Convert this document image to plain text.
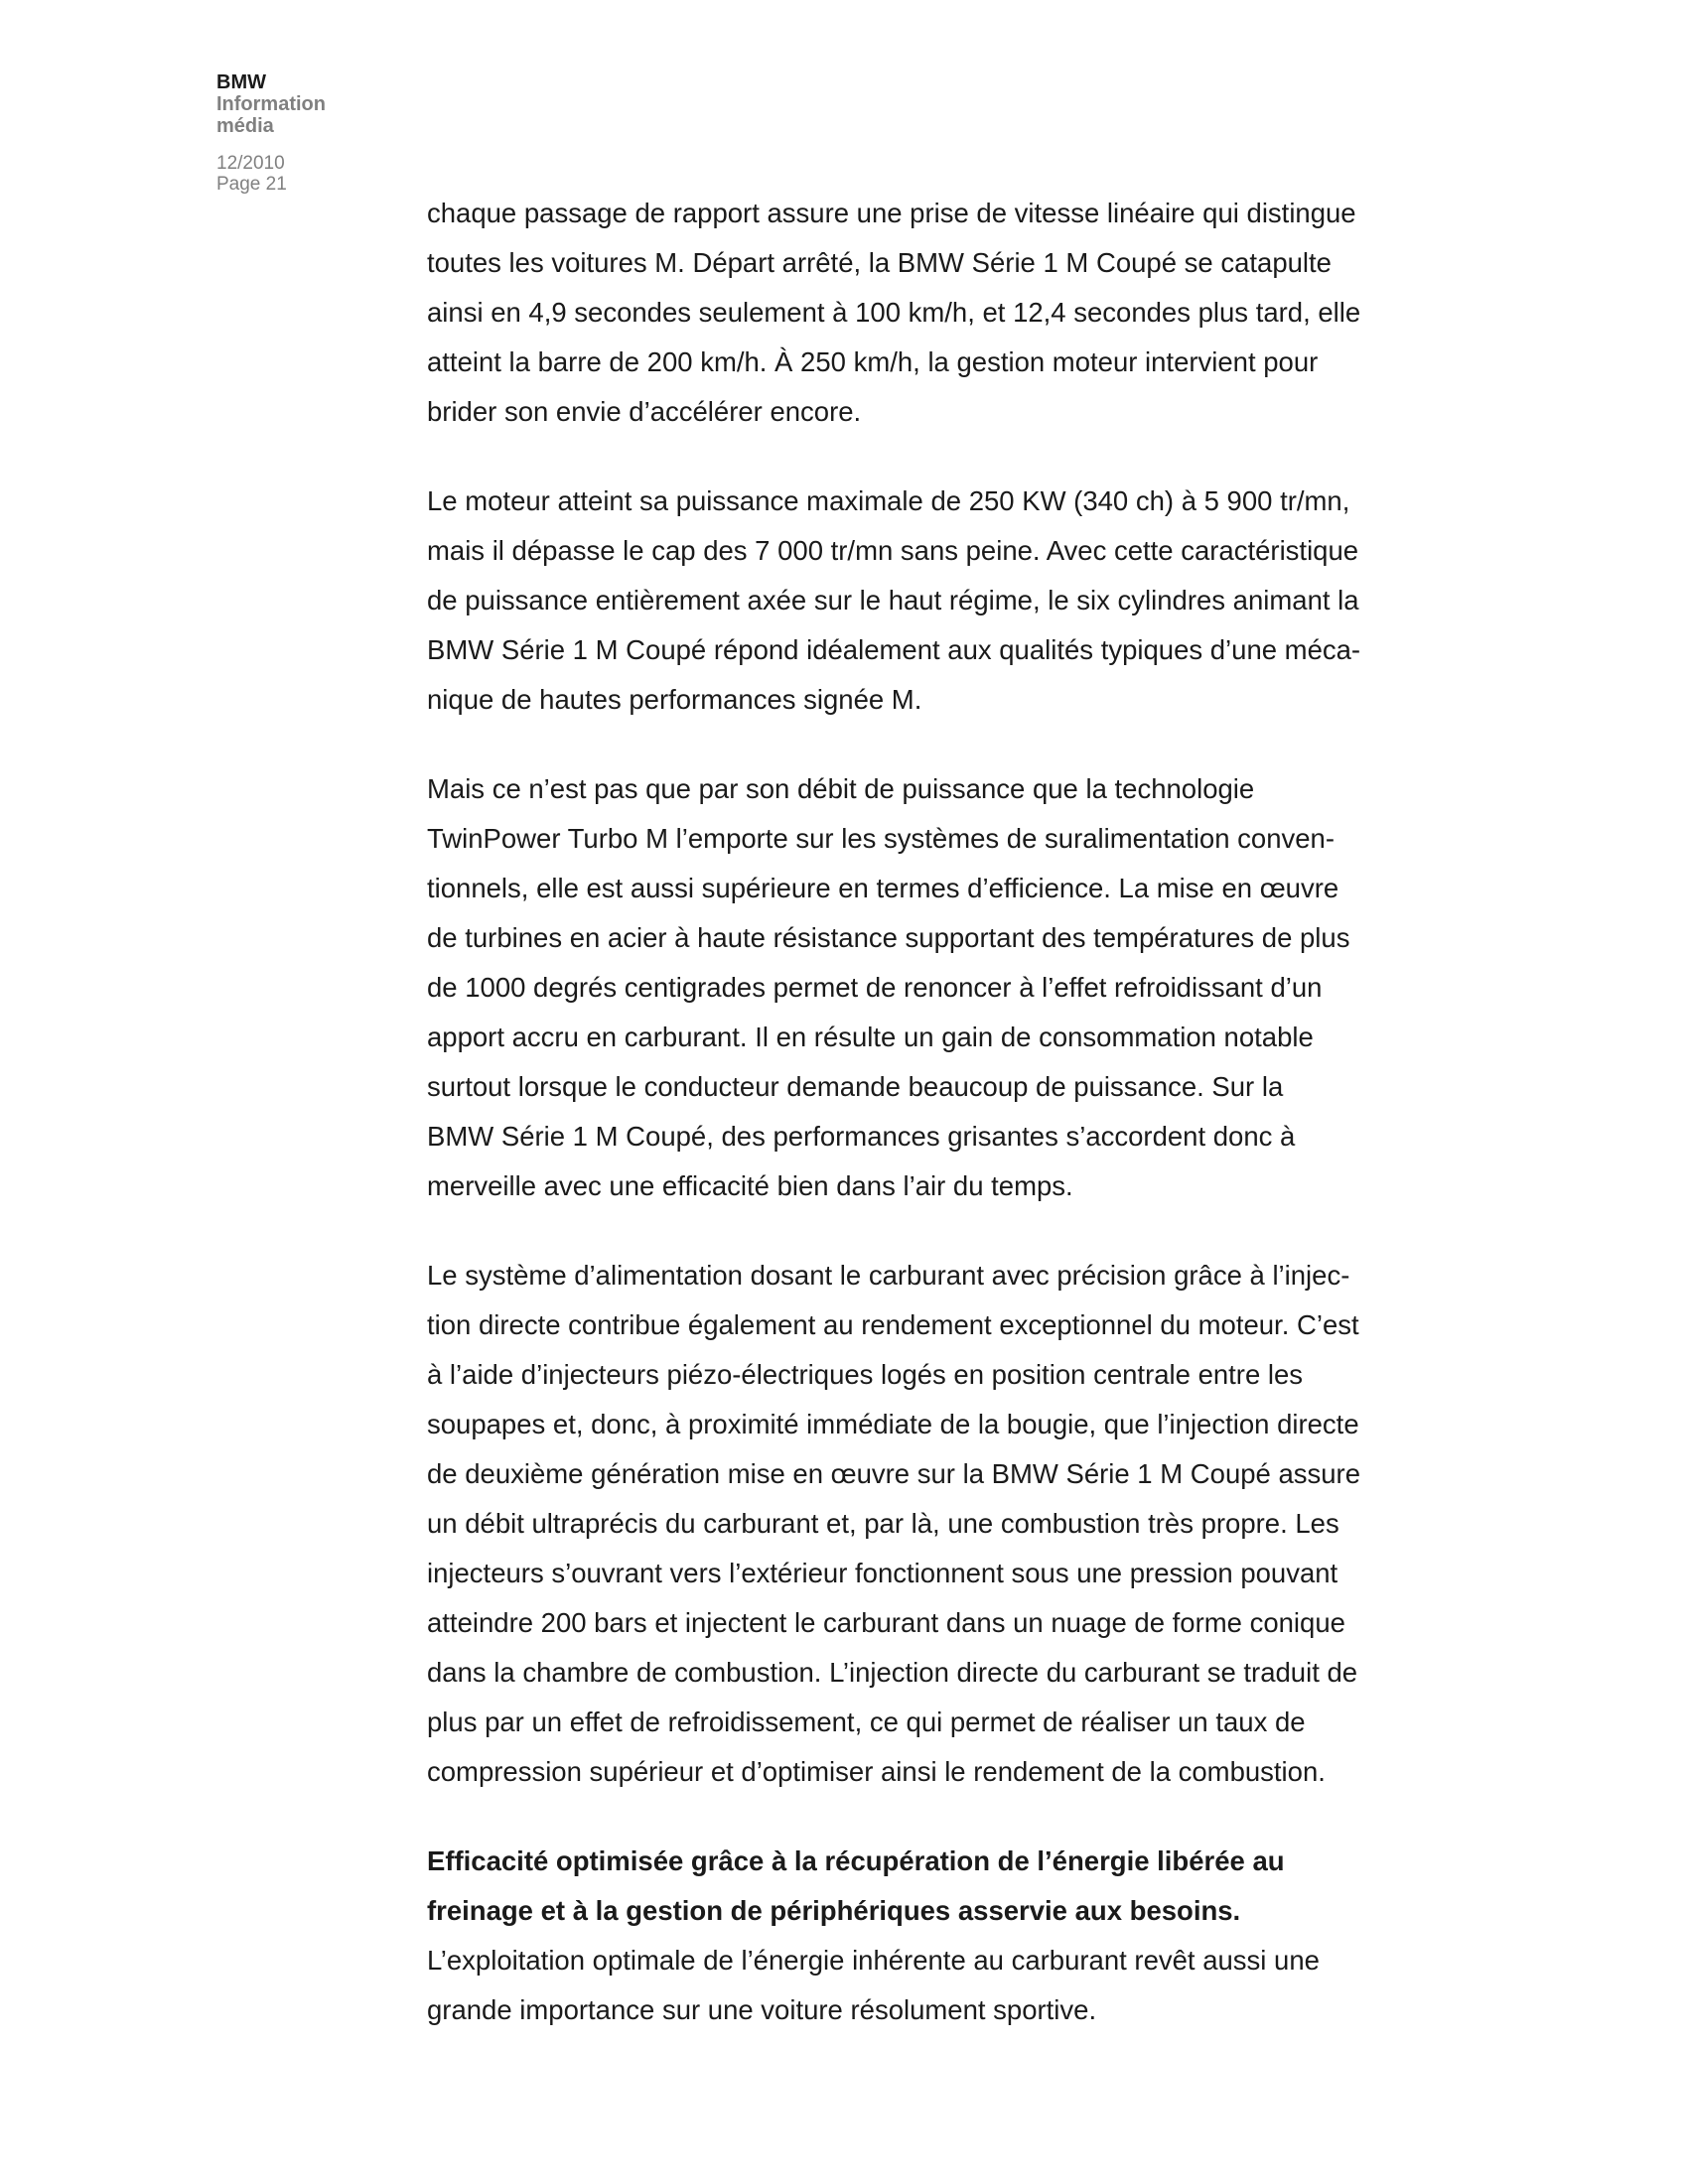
BMW
Information
média
12/2010
Page 21
chaque passage de rapport assure une prise de vitesse linéaire qui distingue
toutes les voitures M. Départ arrêté, la BMW Série 1 M Coupé se catapulte
ainsi en 4,9 secondes seulement à 100 km/h, et 12,4 secondes plus tard, elle
atteint la barre de 200 km/h. À 250 km/h, la gestion moteur intervient pour
brider son envie d’accélérer encore.
Le moteur atteint sa puissance maximale de 250 KW (340 ch) à 5 900 tr/mn,
mais il dépasse le cap des 7 000 tr/mn sans peine. Avec cette caractéristique
de puissance entièrement axée sur le haut régime, le six cylindres animant la
BMW Série 1 M Coupé répond idéalement aux qualités typiques d’une méca-
nique de hautes performances signée M.
Mais ce n’est pas que par son débit de puissance que la technologie
TwinPower Turbo M l’emporte sur les systèmes de suralimentation conven-
tionnels, elle est aussi supérieure en termes d’efficience. La mise en œuvre
de turbines en acier à haute résistance supportant des températures de plus
de 1000 degrés centigrades permet de renoncer à l’effet refroidissant d’un
apport accru en carburant. Il en résulte un gain de consommation notable
surtout lorsque le conducteur demande beaucoup de puissance. Sur la
BMW Série 1 M Coupé, des performances grisantes s’accordent donc à
merveille avec une efficacité bien dans l’air du temps.
Le système d’alimentation dosant le carburant avec précision grâce à l’injec-
tion directe contribue également au rendement exceptionnel du moteur. C’est
à l’aide d’injecteurs piézo-électriques logés en position centrale entre les
soupapes et, donc, à proximité immédiate de la bougie, que l’injection directe
de deuxième génération mise en œuvre sur la BMW Série 1 M Coupé assure
un débit ultraprécis du carburant et, par là, une combustion très propre. Les
injecteurs s’ouvrant vers l’extérieur fonctionnent sous une pression pouvant
atteindre 200 bars et injectent le carburant dans un nuage de forme conique
dans la chambre de combustion. L’injection directe du carburant se traduit de
plus par un effet de refroidissement, ce qui permet de réaliser un taux de
compression supérieur et d’optimiser ainsi le rendement de la combustion.
Efficacité optimisée grâce à la récupération de l’énergie libérée au
freinage et à la gestion de périphériques asservie aux besoins.
L’exploitation optimale de l’énergie inhérente au carburant revêt aussi une
grande importance sur une voiture résolument sportive.
